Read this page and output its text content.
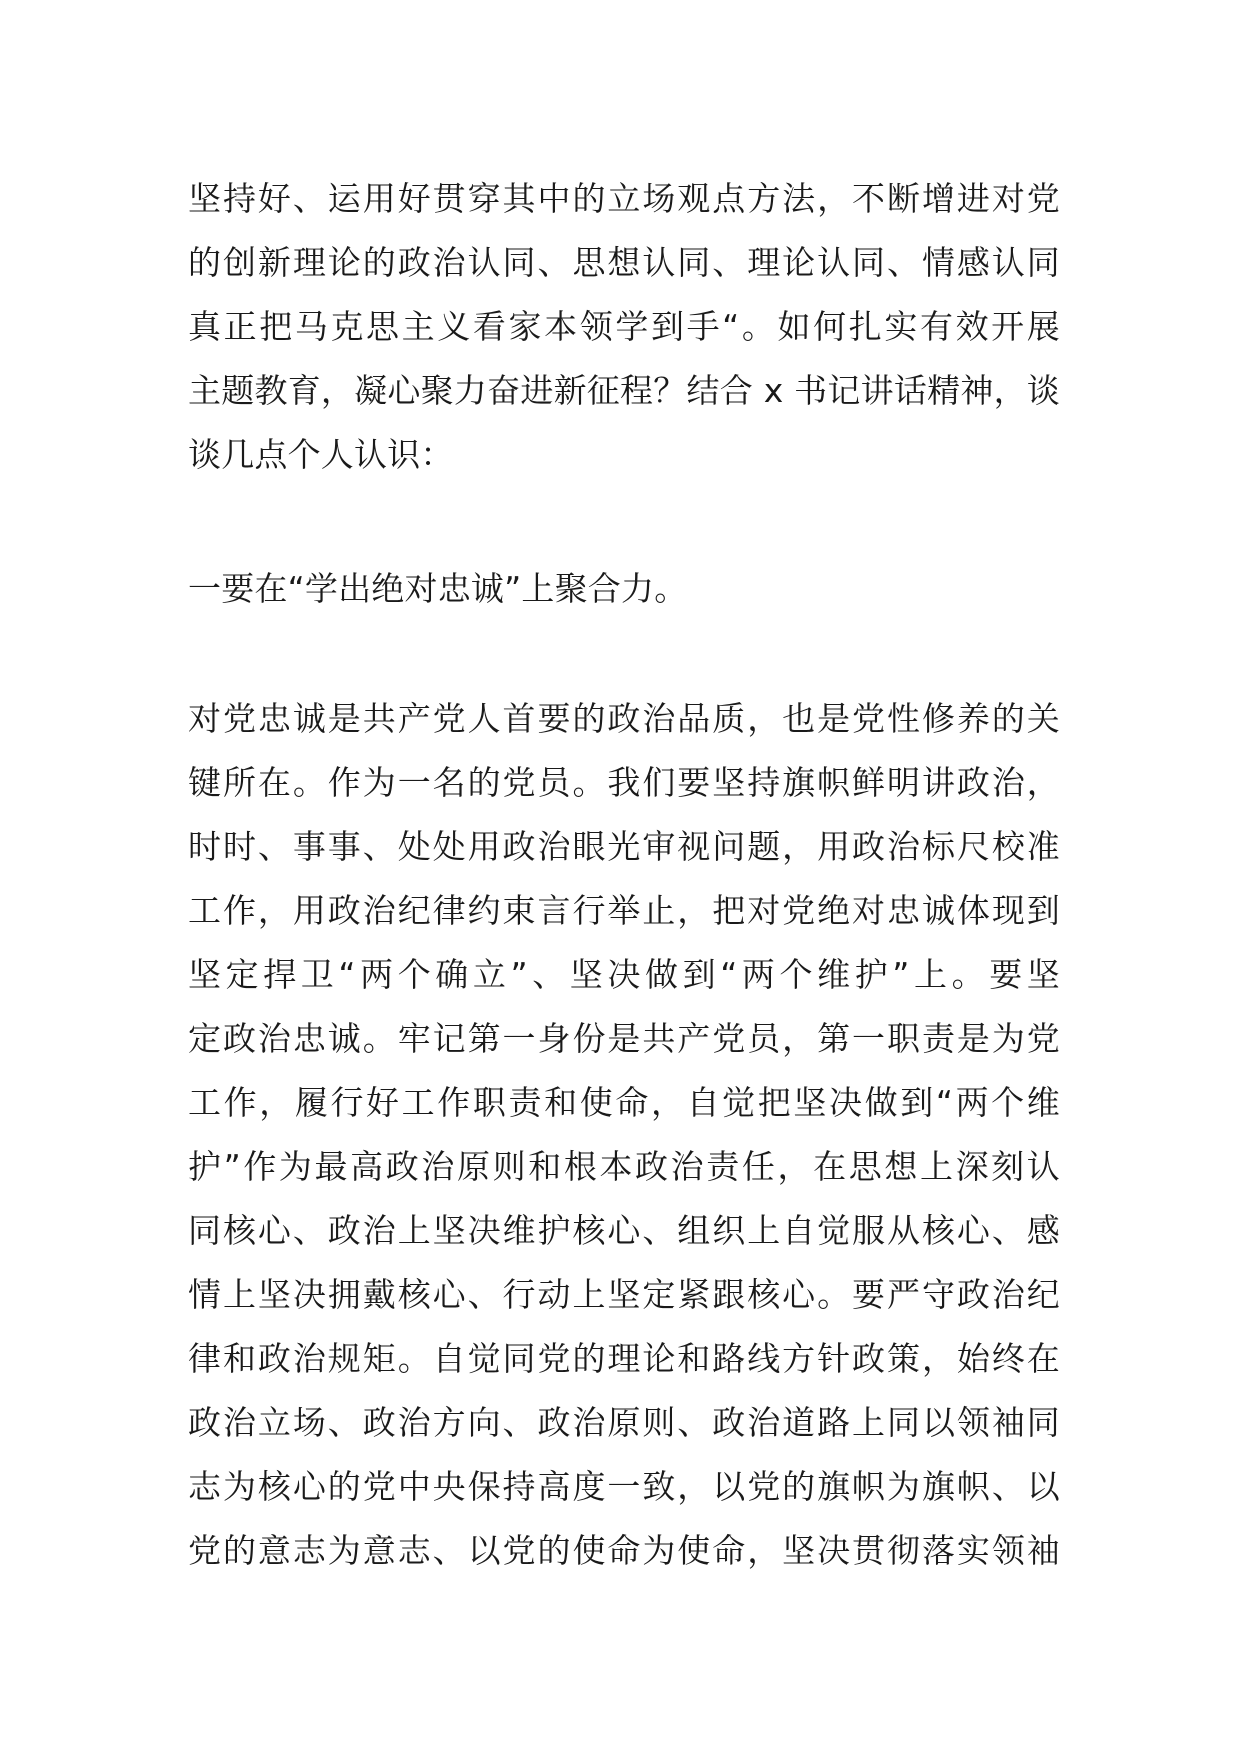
坚持好、运用好贯穿其中的立场观点方法，不断增进对党
的创新理论的政治认同、思想认同、理论认同、情感认同
真正把马克思主义看家本领学到手“。如何扎实有效开展
主题教育，凝心聚力奋进新征程？结合 x 书记讲话精神，谈
谈几点个人认识：
一要在“学出绝对忠诚”上聚合力。
对党忠诚是共产党人首要的政治品质，也是党性修养的关
键所在。作为一名的党员。我们要坚持旗帜鲜明讲政治，
时时、事事、处处用政治眼光审视问题，用政治标尺校准
工作，用政治纪律约束言行举止，把对党绝对忠诚体现到
坚定捍卫“两个确立”、坚决做到“两个维护”上。要坚
定政治忠诚。牢记第一身份是共产党员，第一职责是为党
工作，履行好工作职责和使命，自觉把坚决做到“两个维
护”作为最高政治原则和根本政治责任，在思想上深刻认
同核心、政治上坚决维护核心、组织上自觉服从核心、感
情上坚决拥戴核心、行动上坚定紧跟核心。要严守政治纪
律和政治规矩。自觉同党的理论和路线方针政策，始终在
政治立场、政治方向、政治原则、政治道路上同以领袖同
志为核心的党中央保持高度一致，以党的旗帜为旗帜、以
党的意志为意志、以党的使命为使命，坚决贯彻落实领袖
